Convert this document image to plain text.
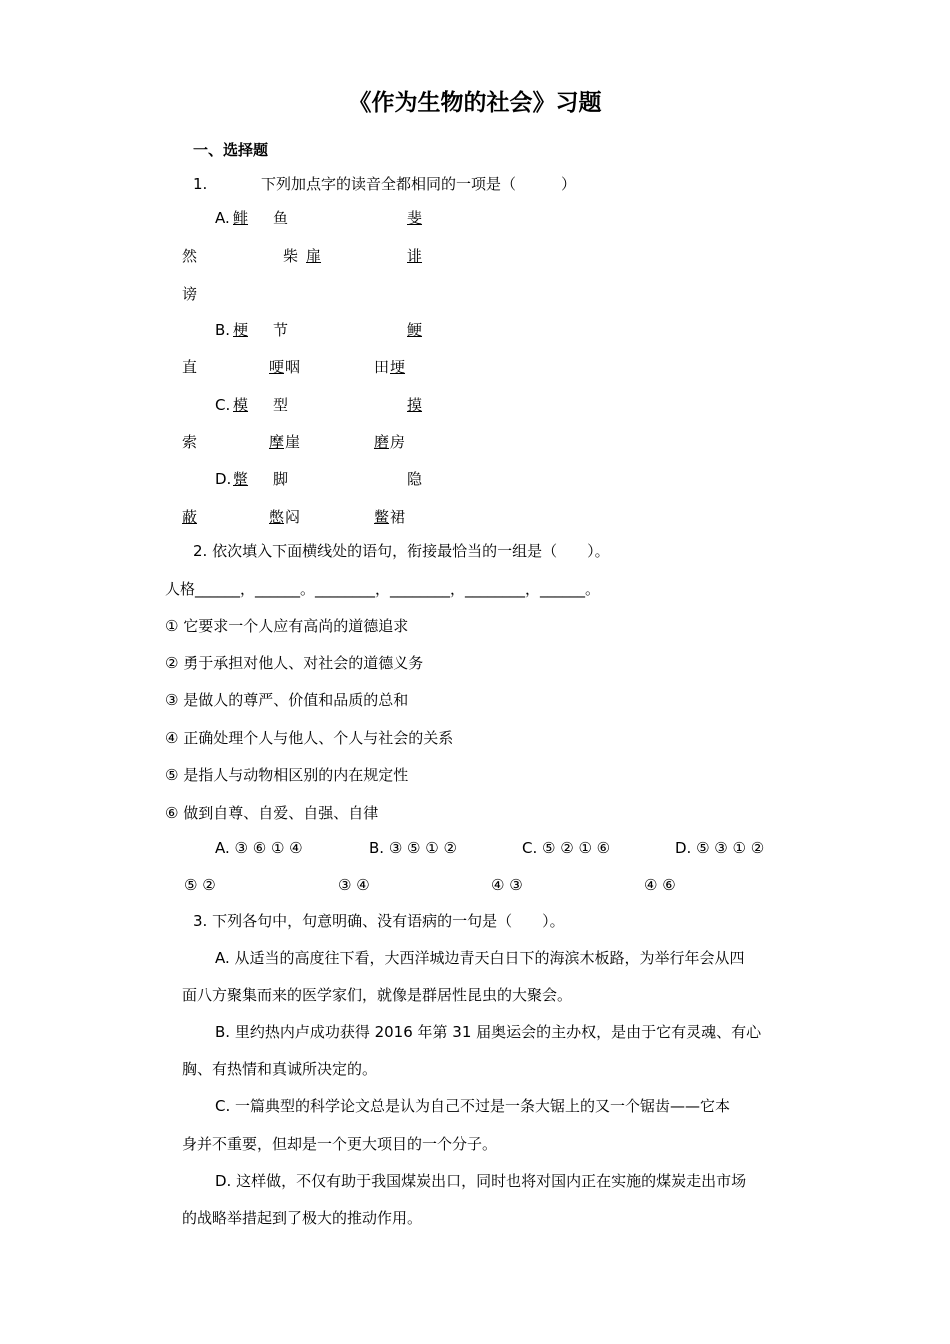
《作为生物的社会》习题
一、选择题
1.	下列加点字的读音全都相同的一项是（　　　）
A. 鲱	鱼	斐
然	柴 扉	诽
谤
B. 梗	节	鲠
直	哽 咽	田 埂
C. 模	型	摸
索	摩 崖	磨 房
D. 蹩	脚	隐
蔽	憋 闷	鳖 裙
2. 依次填入下面横线处的语句，衔接最恰当的一组是（　　）。
人格______，______。________，________，________，______。
① 它要求一个人应有高尚的道德追求
② 勇于承担对他人、对社会的道德义务
③ 是做人的尊严、价值和品质的总和
④ 正确处理个人与他人、个人与社会的关系
⑤ 是指人与动物相区别的内在规定性
⑥ 做到自尊、自爱、自强、自律
A. ③ ⑥ ① ④	B. ③ ⑤ ① ②	C. ⑤ ② ① ⑥	D. ⑤ ③ ① ②
⑤ ②	③ ④	④ ③	④ ⑥
3. 下列各句中，句意明确、没有语病的一句是（　　）。
A. 从适当的高度往下看，大西洋城边青天白日下的海滨木板路，为举行年会从四
面八方聚集而来的医学家们，就像是群居性昆虫的大聚会。
B. 里约热内卢成功获得 2016 年第 31 届奥运会的主办权，是由于它有灵魂、有心
胸、有热情和真诚所决定的。
C. 一篇典型的科学论文总是认为自己不过是一条大锯上的又一个锯齿——它本
身并不重要，但却是一个更大项目的一个分子。
D. 这样做，不仅有助于我国煤炭出口，同时也将对国内正在实施的煤炭走出市场
的战略举措起到了极大的推动作用。
